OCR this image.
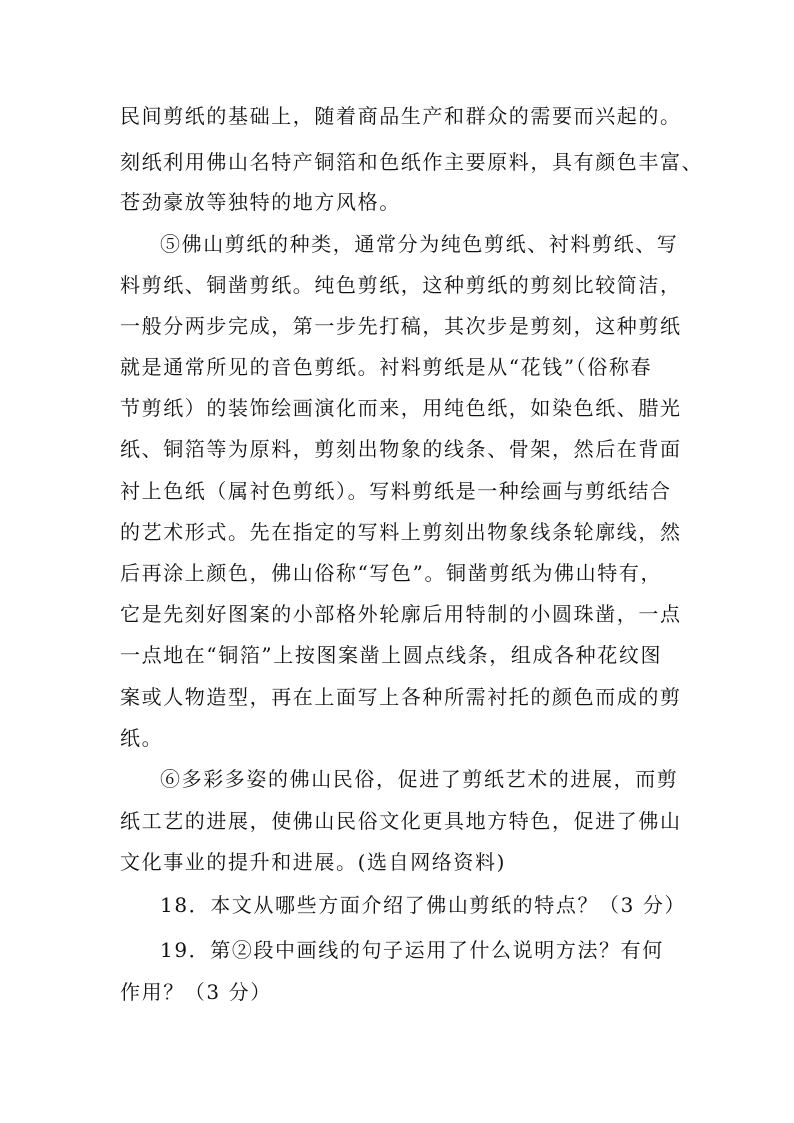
民间剪纸的基础上，随着商品生产和群众的需要而兴起的。
刻纸利用佛山名特产铜箔和色纸作主要原料，具有颜色丰富、
苍劲豪放等独特的地方风格。
⑤佛山剪纸的种类，通常分为纯色剪纸、衬料剪纸、写
料剪纸、铜凿剪纸。纯色剪纸，这种剪纸的剪刻比较简洁，
一般分两步完成，第一步先打稿，其次步是剪刻，这种剪纸
就是通常所见的音色剪纸。衬料剪纸是从“花钱”（俗称春
节剪纸）的装饰绘画演化而来，用纯色纸，如染色纸、腊光
纸、铜箔等为原料，剪刻出物象的线条、骨架，然后在背面
衬上色纸（属衬色剪纸）。写料剪纸是一种绘画与剪纸结合
的艺术形式。先在指定的写料上剪刻出物象线条轮廓线，然
后再涂上颜色，佛山俗称“写色”。铜凿剪纸为佛山特有，
它是先刻好图案的小部格外轮廓后用特制的小圆珠凿，一点
一点地在“铜箔”上按图案凿上圆点线条，组成各种花纹图
案或人物造型，再在上面写上各种所需衬托的颜色而成的剪
纸。
⑥多彩多姿的佛山民俗，促进了剪纸艺术的进展，而剪
纸工艺的进展，使佛山民俗文化更具地方特色，促进了佛山
文化事业的提升和进展。(选自网络资料)
18．本文从哪些方面介绍了佛山剪纸的特点？（3 分）
19．第②段中画线的句子运用了什么说明方法？有何
作用？（3 分）
